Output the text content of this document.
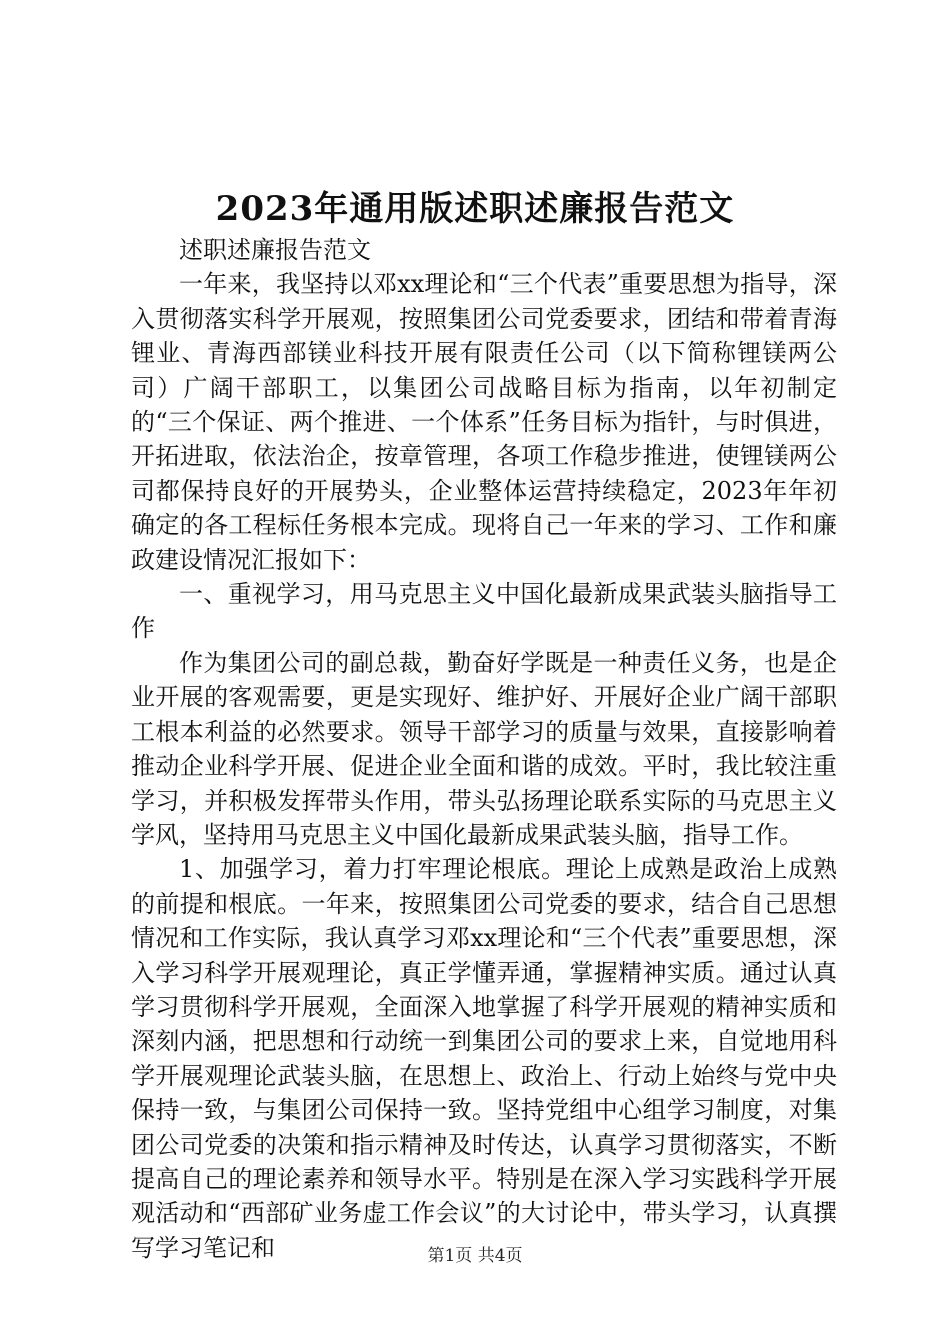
2023年通用版述职述廉报告范文

述职述廉报告范文

一年来，我坚持以邓xx理论和“三个代表”重要思想为指导，深入贯彻落实科学开展观，按照集团公司党委要求，团结和带着青海锂业、青海西部镁业科技开展有限责任公司（以下简称锂镁两公司）广阔干部职工，以集团公司战略目标为指南，以年初制定的“三个保证、两个推进、一个体系”任务目标为指针，与时俱进，开拓进取，依法治企，按章管理，各项工作稳步推进，使锂镁两公司都保持良好的开展势头，企业整体运营持续稳定，2023年年初确定的各工程标任务根本完成。现将自己一年来的学习、工作和廉政建设情况汇报如下：

一、重视学习，用马克思主义中国化最新成果武装头脑指导工作

作为集团公司的副总裁，勤奋好学既是一种责任义务，也是企业开展的客观需要，更是实现好、维护好、开展好企业广阔干部职工根本利益的必然要求。领导干部学习的质量与效果，直接影响着推动企业科学开展、促进企业全面和谐的成效。平时，我比较注重学习，并积极发挥带头作用，带头弘扬理论联系实际的马克思主义学风，坚持用马克思主义中国化最新成果武装头脑，指导工作。

1、加强学习，着力打牢理论根底。理论上成熟是政治上成熟的前提和根底。一年来，按照集团公司党委的要求，结合自己思想情况和工作实际，我认真学习邓xx理论和“三个代表”重要思想，深入学习科学开展观理论，真正学懂弄通，掌握精神实质。通过认真学习贯彻科学开展观，全面深入地掌握了科学开展观的精神实质和深刻内涵，把思想和行动统一到集团公司的要求上来，自觉地用科学开展观理论武装头脑，在思想上、政治上、行动上始终与党中央保持一致，与集团公司保持一致。坚持党组中心组学习制度，对集团公司党委的决策和指示精神及时传达，认真学习贯彻落实，不断提高自己的理论素养和领导水平。特别是在深入学习实践科学开展观活动和“西部矿业务虚工作会议”的大讨论中，带头学习，认真撰写学习笔记和	第1页 共4页
